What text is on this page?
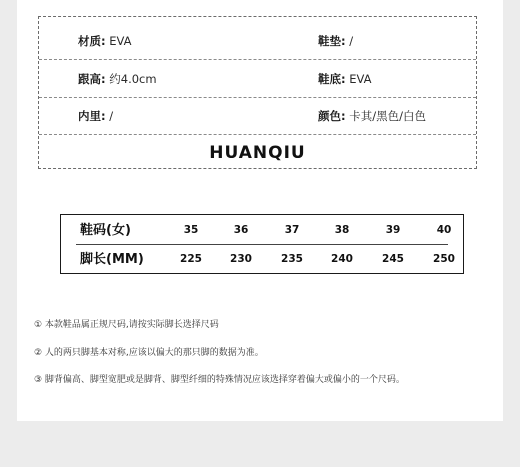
材质: EVA	鞋垫: /
跟高: 约4.0cm	鞋底: EVA
内里: /	颜色: 卡其/黑色/白色
HUANQIU
鞋码(女)	35	36	37	38	39	40
脚长(MM)	225	230	235	240	245	250
① 本款鞋品属正规尺码,请按实际脚长选择尺码
② 人的两只脚基本对称,应该以偏大的那只脚的数据为准。
③ 脚背偏高、脚型宽肥或是脚背、脚型纤细的特殊情况应该选择穿着偏大或偏小的一个尺码。
